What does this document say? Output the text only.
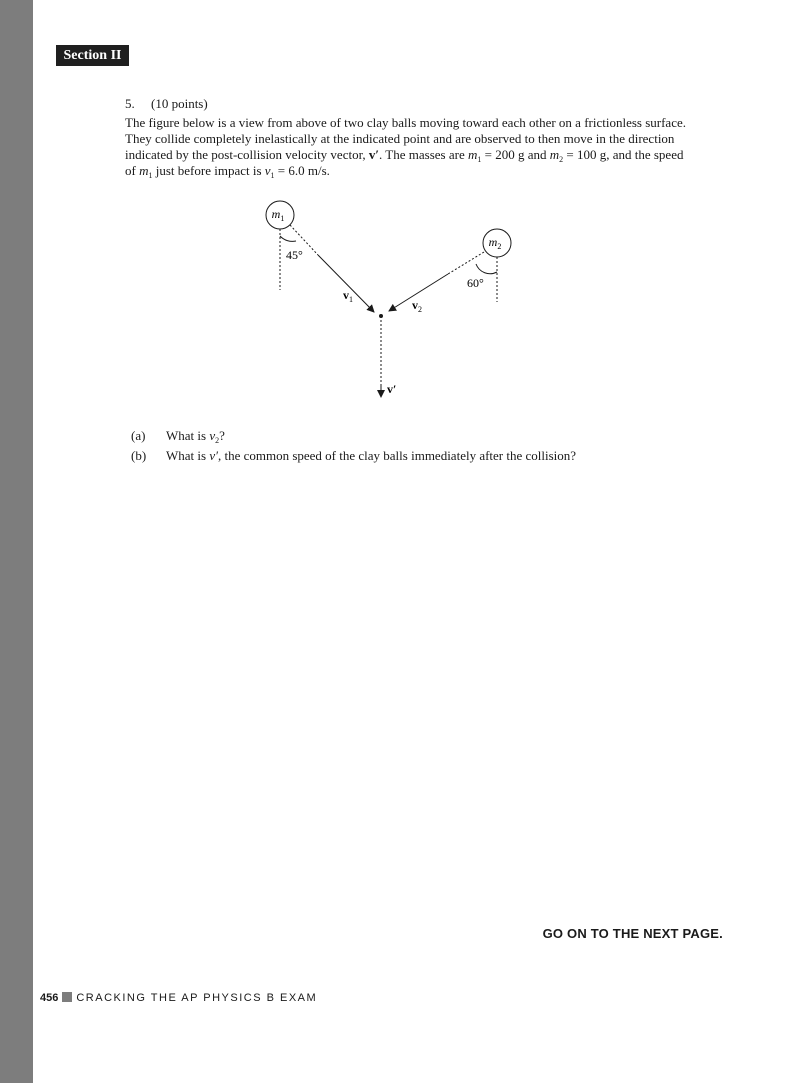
Section II
5. (10 points)
The figure below is a view from above of two clay balls moving toward each other on a frictionless surface.
They collide completely inelastically at the indicated point and are observed to then move in the direction
indicated by the post-collision velocity vector, v′. The masses are $m_1 = 200$ g and $m_2 = 100$ g, and the speed
of $m_1$ just before impact is $v_1 = 6.0$ m/s.
$m_1$
45°
$v_1$
$m_2$
60°
$v_2$
v′
(a) What is $v_2$?
(b) What is v′, the common speed of the clay balls immediately after the collision?
GO ON TO THE NEXT PAGE.
456 CRACKING THE AP PHYSICS B EXAM
